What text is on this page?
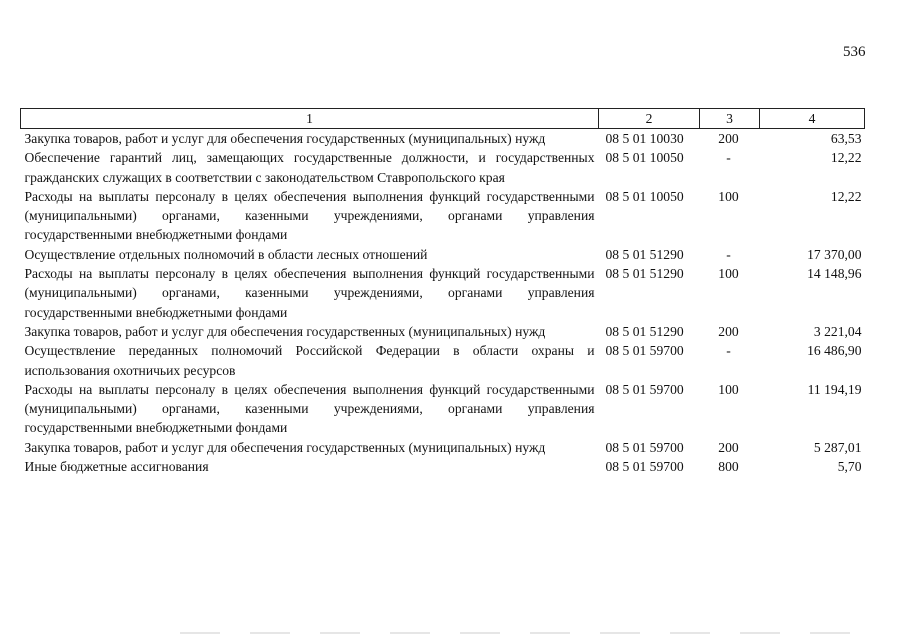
536
1	2	3	4
Закупка товаров, работ и услуг для обеспечения государственных (муниципальных) нужд	08 5 01 10030	200	63,53
Обеспечение гарантий лиц, замещающих государственные должности, и государственных гражданских служащих в соответствии с законодательством Ставропольского края	08 5 01 10050	-	12,22
Расходы на выплаты персоналу в целях обеспечения выполнения функций государственными (муниципальными) органами, казенными учреждениями, органами управления государственными внебюджетными фондами	08 5 01 10050	100	12,22
Осуществление отдельных полномочий в области лесных отношений	08 5 01 51290	-	17 370,00
Расходы на выплаты персоналу в целях обеспечения выполнения функций государственными (муниципальными) органами, казенными учреждениями, органами управления государственными внебюджетными фондами	08 5 01 51290	100	14 148,96
Закупка товаров, работ и услуг для обеспечения государственных (муниципальных) нужд	08 5 01 51290	200	3 221,04
Осуществление переданных полномочий Российской Федерации в области охраны и использования охотничьих ресурсов	08 5 01 59700	-	16 486,90
Расходы на выплаты персоналу в целях обеспечения выполнения функций государственными (муниципальными) органами, казенными учреждениями, органами управления государственными внебюджетными фондами	08 5 01 59700	100	11 194,19
Закупка товаров, работ и услуг для обеспечения государственных (муниципальных) нужд	08 5 01 59700	200	5 287,01
Иные бюджетные ассигнования	08 5 01 59700	800	5,70
